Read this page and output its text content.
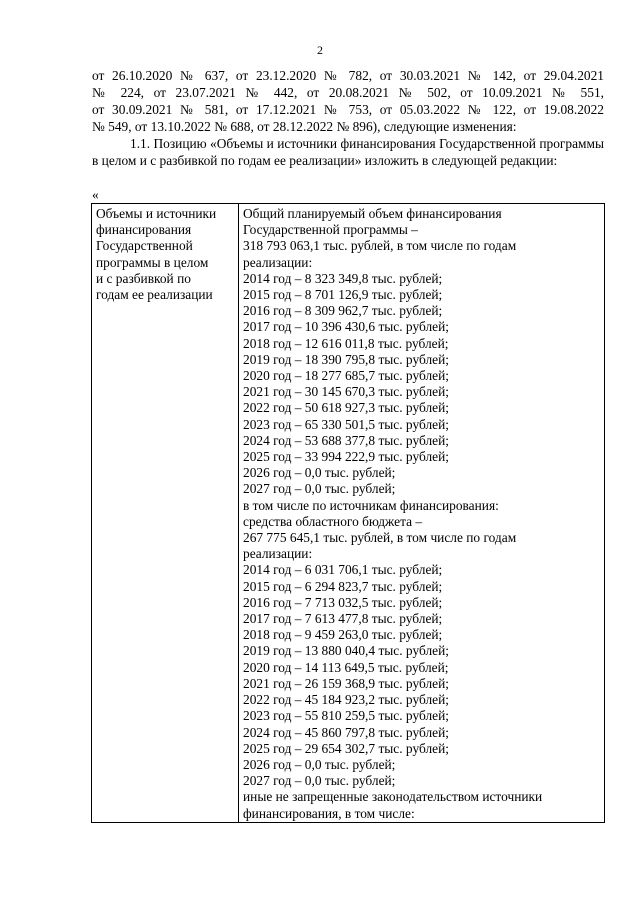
2

от 26.10.2020 № 637, от 23.12.2020 № 782, от 30.03.2021 № 142, от 29.04.2021
№ 224, от 23.07.2021 № 442, от 20.08.2021 № 502, от 10.09.2021 № 551,
от 30.09.2021 № 581, от 17.12.2021 № 753, от 05.03.2022 № 122, от 19.08.2022
№ 549, от 13.10.2022 № 688, от 28.12.2022 № 896), следующие изменения:

1.1. Позицию «Объемы и источники финансирования Государственной программы в целом и с разбивкой по годам ее реализации» изложить в следующей редакции:

«
Объемы и источники
финансирования
Государственной
программы в целом
и с разбивкой по
годам ее реализации

Общий планируемый объем финансирования
Государственной программы –
318 793 063,1 тыс. рублей, в том числе по годам
реализации:
2014 год – 8 323 349,8 тыс. рублей;
2015 год – 8 701 126,9 тыс. рублей;
2016 год – 8 309 962,7 тыс. рублей;
2017 год – 10 396 430,6 тыс. рублей;
2018 год – 12 616 011,8 тыс. рублей;
2019 год – 18 390 795,8 тыс. рублей;
2020 год – 18 277 685,7 тыс. рублей;
2021 год – 30 145 670,3 тыс. рублей;
2022 год – 50 618 927,3 тыс. рублей;
2023 год – 65 330 501,5 тыс. рублей;
2024 год – 53 688 377,8 тыс. рублей;
2025 год – 33 994 222,9 тыс. рублей;
2026 год – 0,0 тыс. рублей;
2027 год – 0,0 тыс. рублей;
в том числе по источникам финансирования:
средства областного бюджета –
267 775 645,1 тыс. рублей, в том числе по годам
реализации:
2014 год – 6 031 706,1 тыс. рублей;
2015 год – 6 294 823,7 тыс. рублей;
2016 год – 7 713 032,5 тыс. рублей;
2017 год – 7 613 477,8 тыс. рублей;
2018 год – 9 459 263,0 тыс. рублей;
2019 год – 13 880 040,4 тыс. рублей;
2020 год – 14 113 649,5 тыс. рублей;
2021 год – 26 159 368,9 тыс. рублей;
2022 год – 45 184 923,2 тыс. рублей;
2023 год – 55 810 259,5 тыс. рублей;
2024 год – 45 860 797,8 тыс. рублей;
2025 год – 29 654 302,7 тыс. рублей;
2026 год – 0,0 тыс. рублей;
2027 год – 0,0 тыс. рублей;
иные не запрещенные законодательством источники
финансирования, в том числе:
